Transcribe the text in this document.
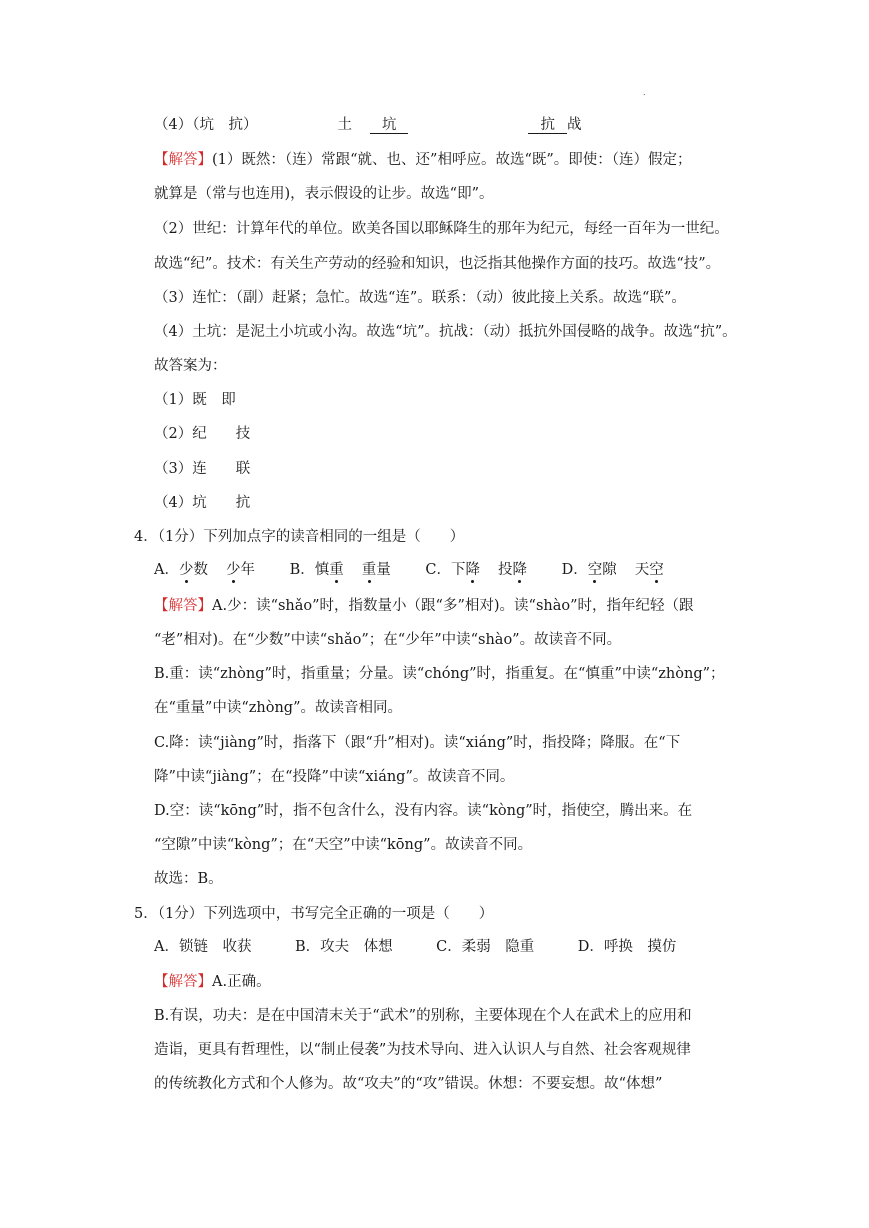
.
（4）（坑　抗）	土 坑	抗 战
【解答】(1）既然：（连）常跟“就、也、还”相呼应。故选“既”。即使：（连）假定；
就算是（常与也连用)，表示假设的让步。故选“即”。
（2）世纪：计算年代的单位。欧美各国以耶稣降生的那年为纪元，每经一百年为一世纪。
故选“纪”。技术：有关生产劳动的经验和知识，也泛指其他操作方面的技巧。故选“技”。
（3）连忙：（副）赶紧；急忙。故选“连”。联系：（动）彼此接上关系。故选“联”。
（4）土坑：是泥土小坑或小沟。故选“坑”。抗战：（动）抵抗外国侵略的战争。故选“抗”。
故答案为：
（1）既　即
（2）纪　　技
（3）连　　联
（4）坑　　抗
4．（1分）下列加点字的读音相同的一组是（　　）
A．少数 少年 B．慎重 重量 C．下降 投降 D．空隙 天空
【解答】A.少：读“shǎo”时，指数量小（跟“多”相对)。读“shào”时，指年纪轻（跟
“老”相对)。在“少数”中读“shǎo”；在“少年”中读“shào”。故读音不同。
B.重：读“zhòng”时，指重量；分量。读“chóng”时，指重复。在“慎重”中读“zhòng”；
在“重量”中读“zhòng”。故读音相同。
C.降：读“jiàng”时，指落下（跟“升”相对)。读“xiáng”时，指投降；降服。在“下
降”中读“jiàng”；在“投降”中读“xiáng”。故读音不同。
D.空：读“kōng”时，指不包含什么，没有内容。读“kòng”时，指使空，腾出来。在
“空隙”中读“kòng”；在“天空”中读“kōng”。故读音不同。
故选：B。
5．（1分）下列选项中，书写完全正确的一项是（　　）
A．锁链　收获　　　B．攻夫　体想　　　C．柔弱　隐重　　　D．呼换　摸仿
【解答】A.正确。
B.有误，功夫：是在中国清末关于“武术”的别称，主要体现在个人在武术上的应用和
造诣，更具有哲理性，以“制止侵袭”为技术导向、进入认识人与自然、社会客观规律
的传统教化方式和个人修为。故“攻夫”的“攻”错误。休想：不要妄想。故“体想”
